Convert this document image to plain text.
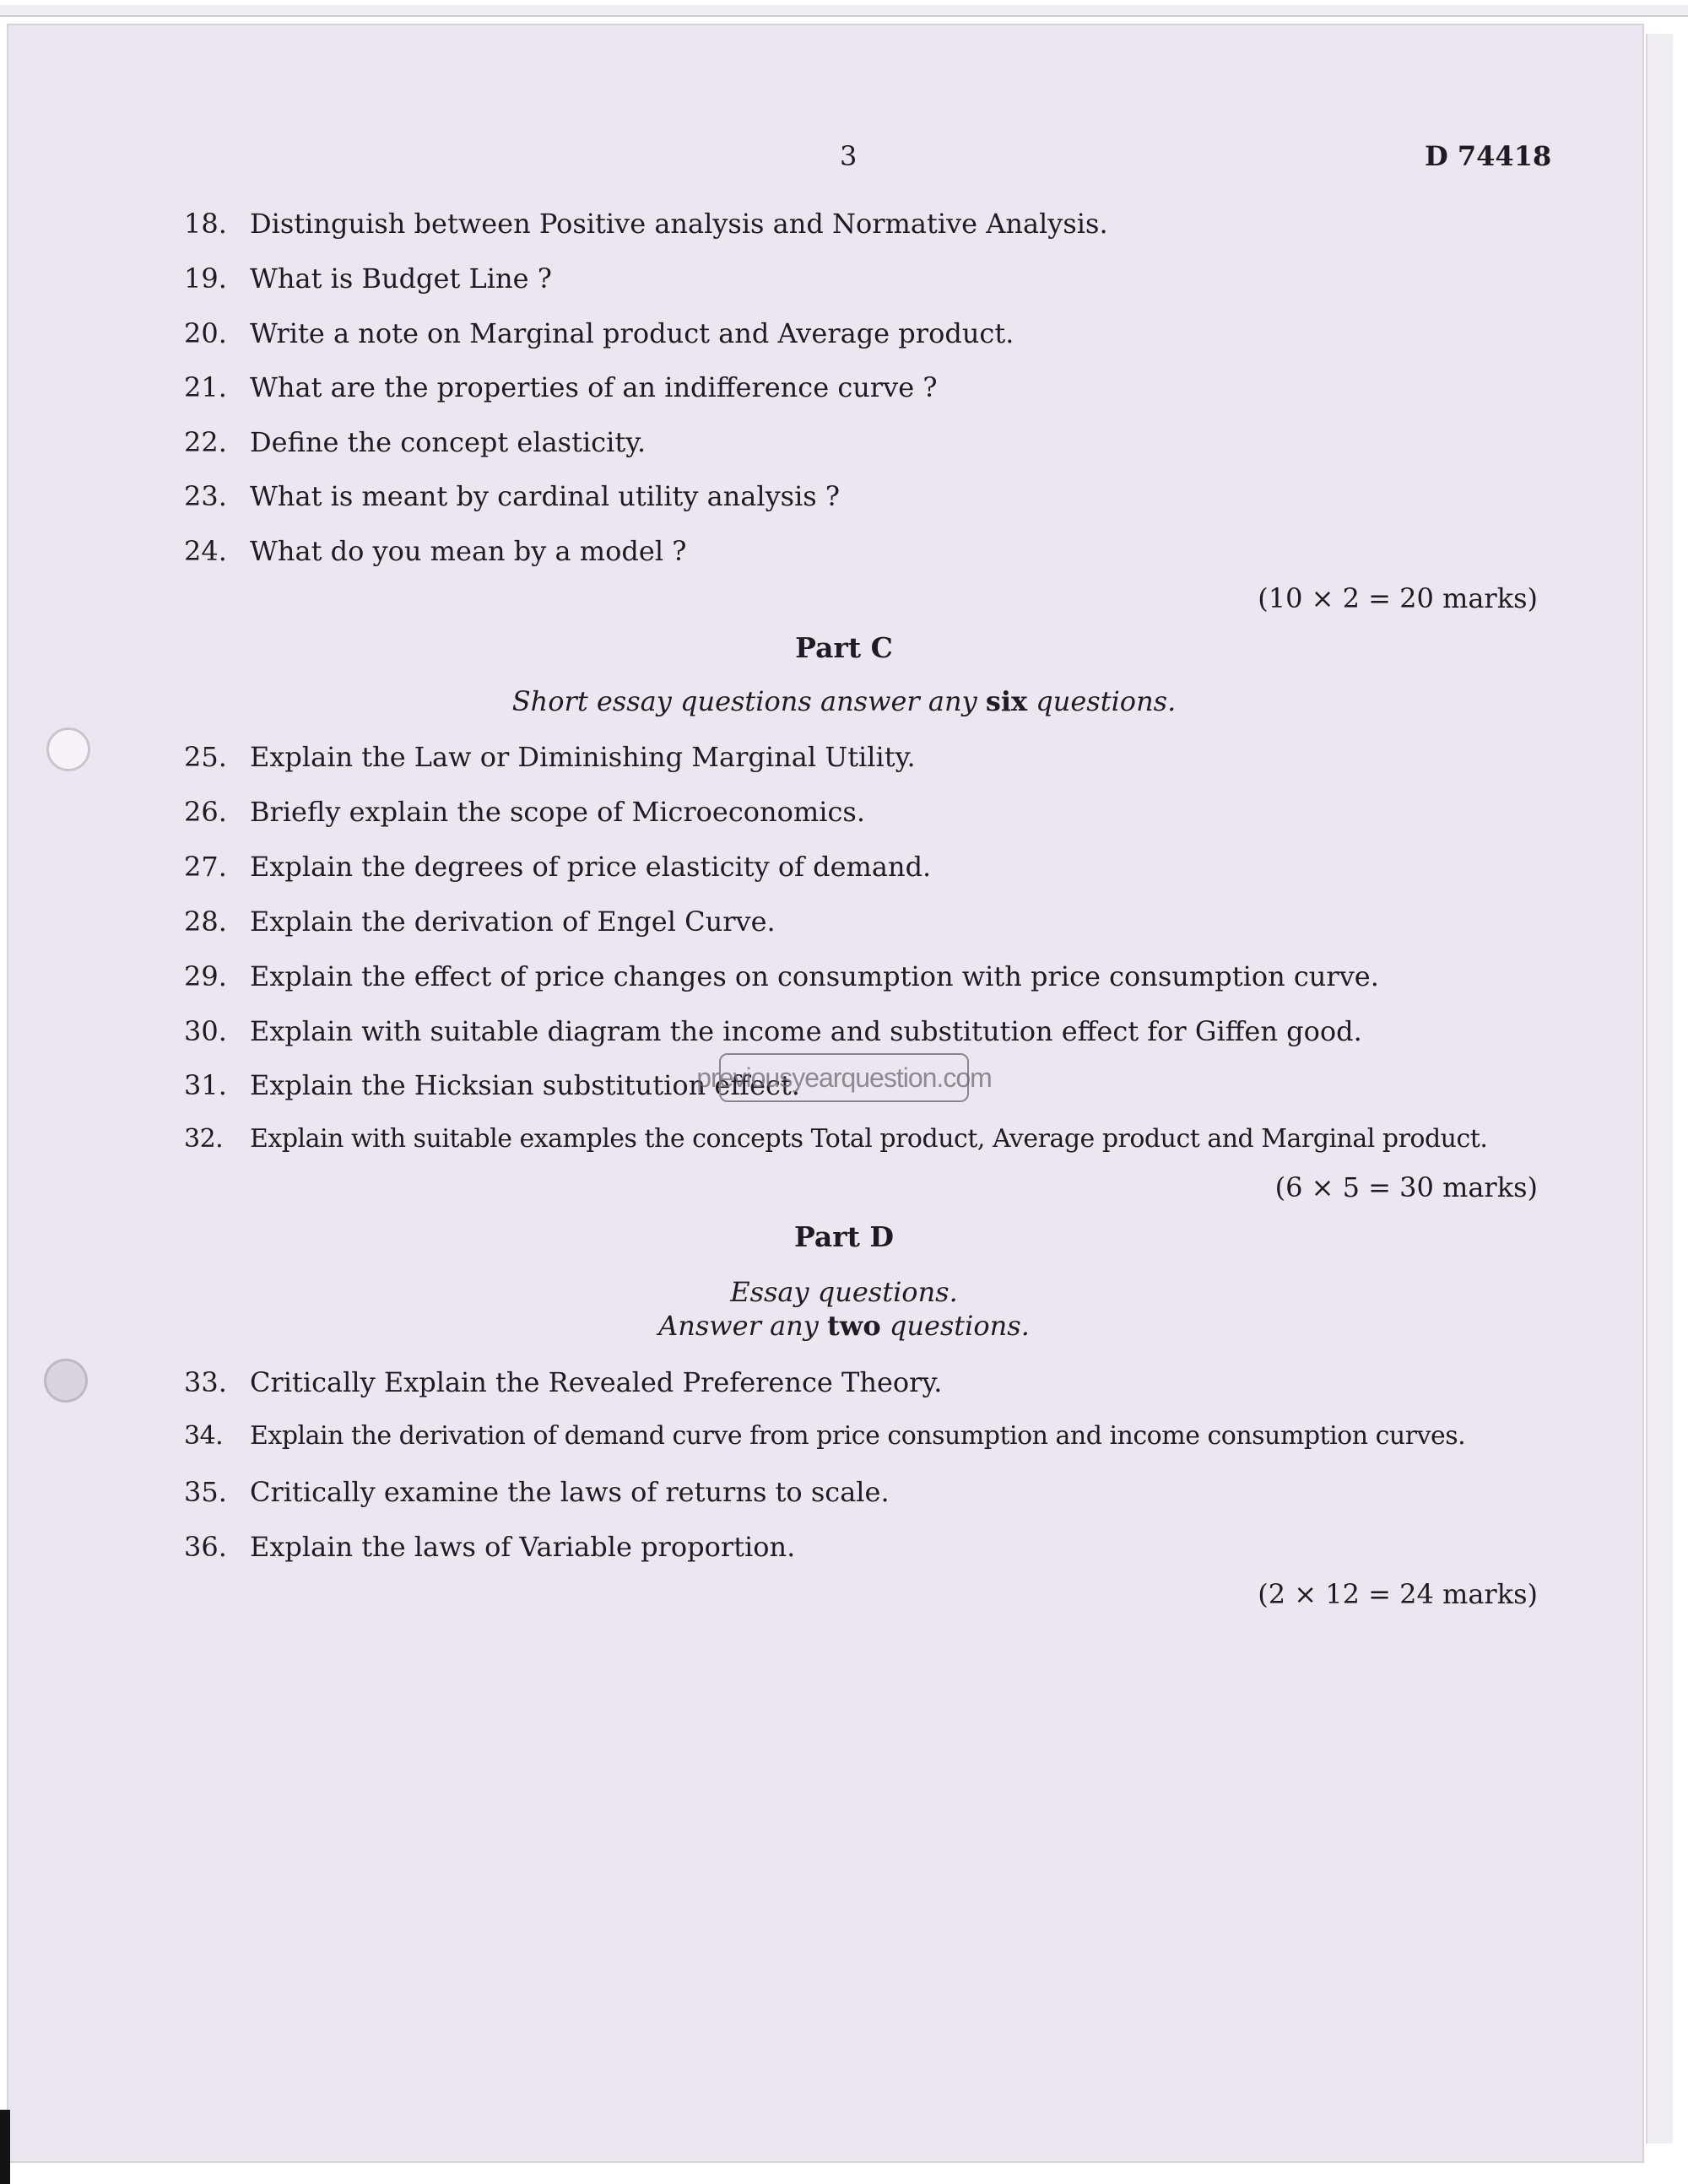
3	D 74418
18. Distinguish between Positive analysis and Normative Analysis.
19. What is Budget Line ?
20. Write a note on Marginal product and Average product.
21. What are the properties of an indifference curve ?
22. Define the concept elasticity.
23. What is meant by cardinal utility analysis ?
24. What do you mean by a model ?
(10 × 2 = 20 marks)
Part C
Short essay questions answer any six questions.
25. Explain the Law or Diminishing Marginal Utility.
26. Briefly explain the scope of Microeconomics.
27. Explain the degrees of price elasticity of demand.
28. Explain the derivation of Engel Curve.
29. Explain the effect of price changes on consumption with price consumption curve.
30. Explain with suitable diagram the income and substitution effect for Giffen good.
31. Explain the Hicksian substitution effect.
32. Explain with suitable examples the concepts Total product, Average product and Marginal product.
(6 × 5 = 30 marks)
previousyearquestion.com
Part D
Essay questions.
Answer any two questions.
33. Critically Explain the Revealed Preference Theory.
34. Explain the derivation of demand curve from price consumption and income consumption curves.
35. Critically examine the laws of returns to scale.
36. Explain the laws of Variable proportion.
(2 × 12 = 24 marks)
